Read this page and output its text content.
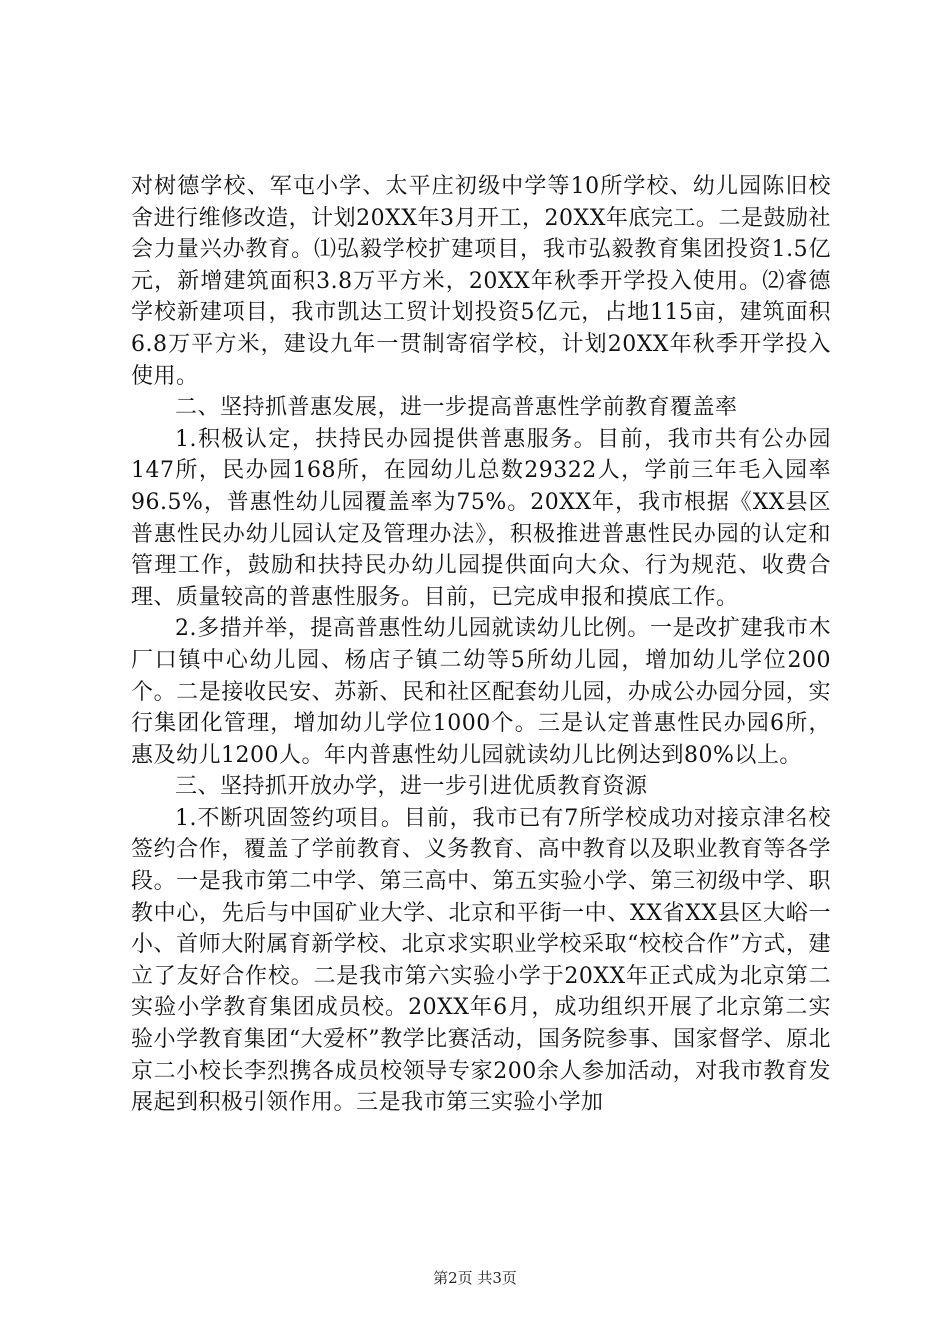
对树德学校、军屯小学、太平庄初级中学等10所学校、幼儿园陈旧校舍进行维修改造，计划20XX年3月开工，20XX年底完工。二是鼓励社会力量兴办教育。⑴弘毅学校扩建项目，我市弘毅教育集团投资1.5亿元，新增建筑面积3.8万平方米，20XX年秋季开学投入使用。⑵睿德学校新建项目，我市凯达工贸计划投资5亿元，占地115亩，建筑面积6.8万平方米，建设九年一贯制寄宿学校，计划20XX年秋季开学投入使用。

二、坚持抓普惠发展，进一步提高普惠性学前教育覆盖率

1.积极认定，扶持民办园提供普惠服务。目前，我市共有公办园147所，民办园168所，在园幼儿总数29322人，学前三年毛入园率96.5%，普惠性幼儿园覆盖率为75%。20XX年，我市根据《XX县区普惠性民办幼儿园认定及管理办法》，积极推进普惠性民办园的认定和管理工作，鼓励和扶持民办幼儿园提供面向大众、行为规范、收费合理、质量较高的普惠性服务。目前，已完成申报和摸底工作。

2.多措并举，提高普惠性幼儿园就读幼儿比例。一是改扩建我市木厂口镇中心幼儿园、杨店子镇二幼等5所幼儿园，增加幼儿学位200个。二是接收民安、苏新、民和社区配套幼儿园，办成公办园分园，实行集团化管理，增加幼儿学位1000个。三是认定普惠性民办园6所，惠及幼儿1200人。年内普惠性幼儿园就读幼儿比例达到80%以上。

三、坚持抓开放办学，进一步引进优质教育资源

1.不断巩固签约项目。目前，我市已有7所学校成功对接京津名校签约合作，覆盖了学前教育、义务教育、高中教育以及职业教育等各学段。一是我市第二中学、第三高中、第五实验小学、第三初级中学、职教中心，先后与中国矿业大学、北京和平街一中、XX省XX县区大峪一小、首师大附属育新学校、北京求实职业学校采取“校校合作”方式，建立了友好合作校。二是我市第六实验小学于20XX年正式成为北京第二实验小学教育集团成员校。20XX年6月，成功组织开展了北京第二实验小学教育集团“大爱杯”教学比赛活动，国务院参事、国家督学、原北京二小校长李烈携各成员校领导专家200余人参加活动，对我市教育发展起到积极引领作用。三是我市第三实验小学加

第2页 共3页
